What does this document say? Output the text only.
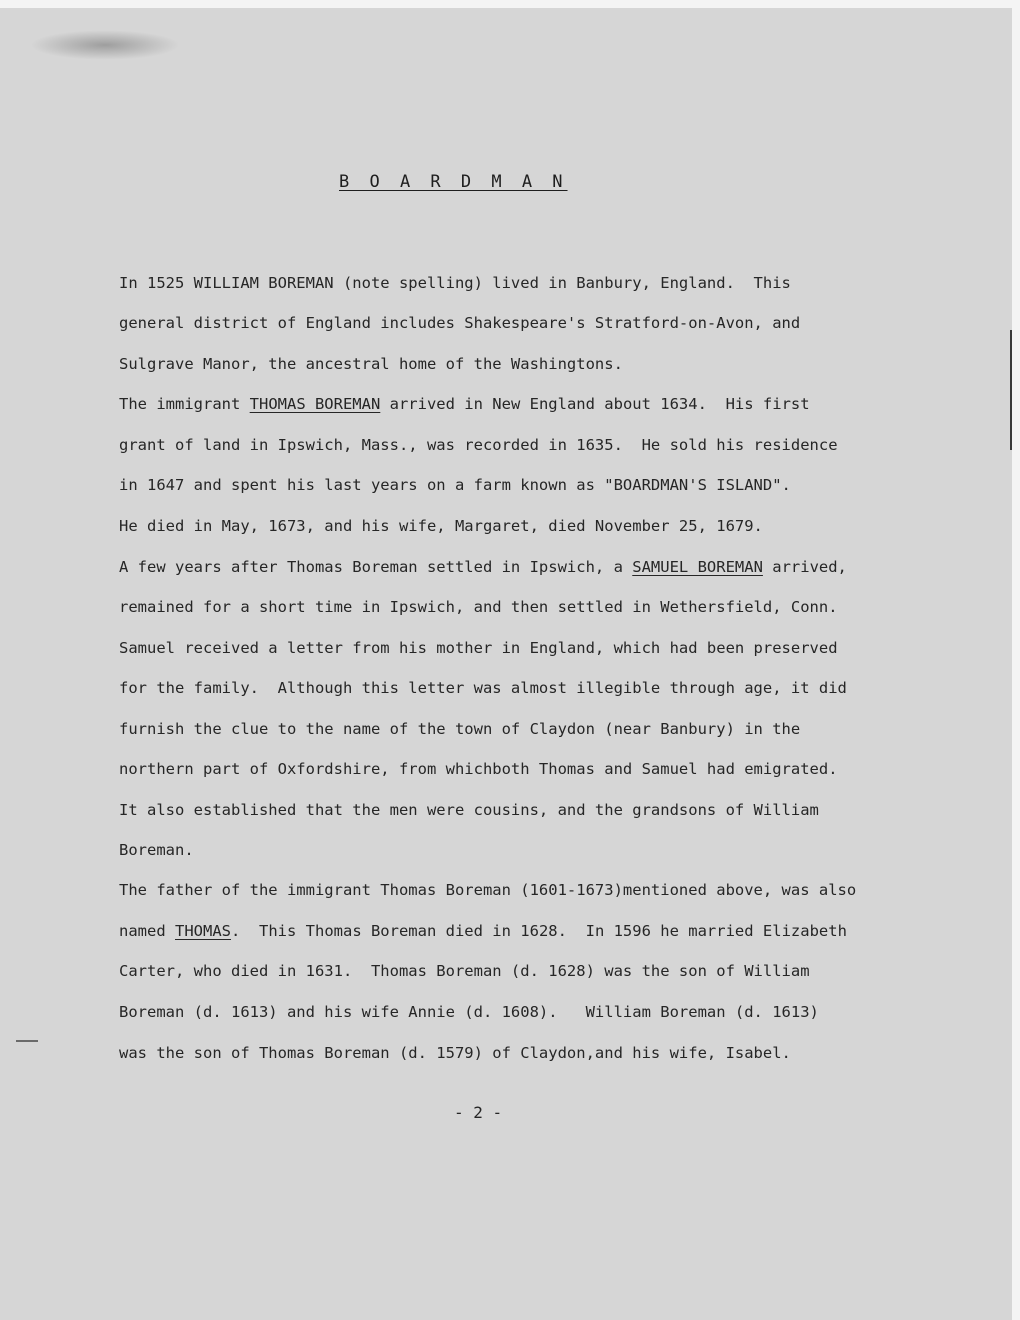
B O A R D M A N
In 1525 WILLIAM BOREMAN (note spelling) lived in Banbury, England.  This
general district of England includes Shakespeare's Stratford-on-Avon, and
Sulgrave Manor, the ancestral home of the Washingtons.
The immigrant THOMAS BOREMAN arrived in New England about 1634.  His first
grant of land in Ipswich, Mass., was recorded in 1635.  He sold his residence
in 1647 and spent his last years on a farm known as "BOARDMAN'S ISLAND".
He died in May, 1673, and his wife, Margaret, died November 25, 1679.
A few years after Thomas Boreman settled in Ipswich, a SAMUEL BOREMAN arrived,
remained for a short time in Ipswich, and then settled in Wethersfield, Conn.
Samuel received a letter from his mother in England, which had been preserved
for the family.  Although this letter was almost illegible through age, it did
furnish the clue to the name of the town of Claydon (near Banbury) in the
northern part of Oxfordshire, from whichboth Thomas and Samuel had emigrated.
It also established that the men were cousins, and the grandsons of William
Boreman.
The father of the immigrant Thomas Boreman (1601-1673)mentioned above, was also
named THOMAS.  This Thomas Boreman died in 1628.  In 1596 he married Elizabeth
Carter, who died in 1631.  Thomas Boreman (d. 1628) was the son of William
Boreman (d. 1613) and his wife Annie (d. 1608).   William Boreman (d. 1613)
was the son of Thomas Boreman (d. 1579) of Claydon,and his wife, Isabel.
- 2 -
